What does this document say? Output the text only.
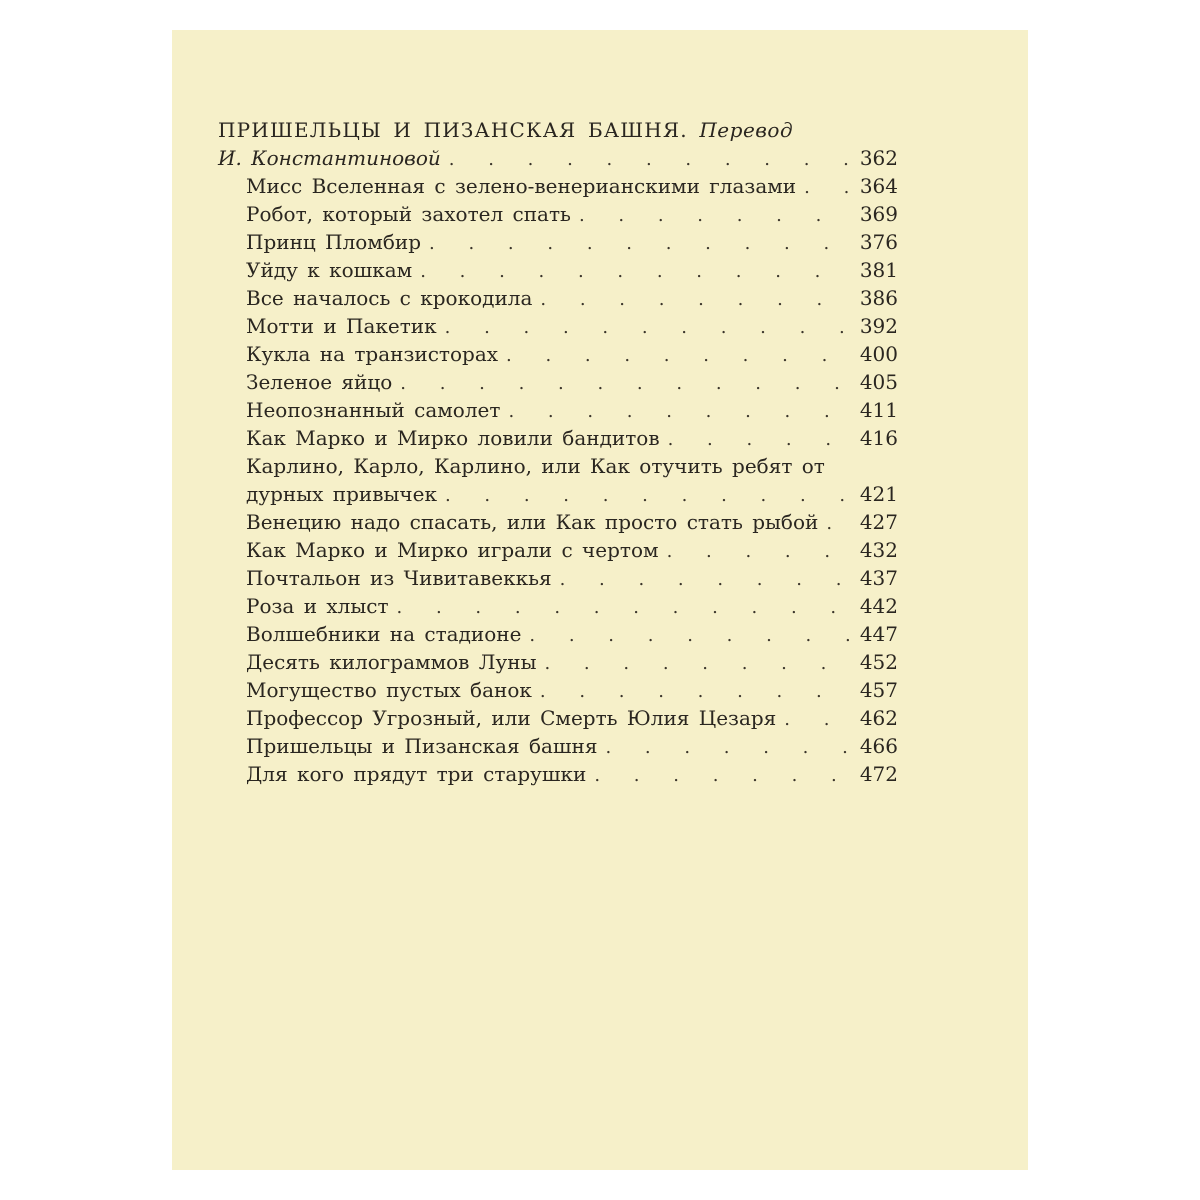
ПРИШЕЛЬЦЫ И ПИЗАНСКАЯ БАШНЯ. Перевод
И. Константиновой . . .	362
Мисс Вселенная с зелено-венерианскими глазами . . .	364
Робот, который захотел спать . . .	369
Принц Пломбир . . .	376
Уйду к кошкам . . .	381
Все началось с крокодила . . .	386
Мотти и Пакетик . . .	392
Кукла на транзисторах . . .	400
Зеленое яйцо . . .	405
Неопознанный самолет . . .	411
Как Марко и Мирко ловили бандитов . . .	416
Карлино, Карло, Карлино, или Как отучить ребят от
дурных привычек . . .	421
Венецию надо спасать, или Как просто стать рыбой . . . 427
Как Марко и Мирко играли с чертом . . .	432
Почтальон из Чивитавеккья . . .	437
Роза и хлыст . . .	442
Волшебники на стадионе . . .	447
Десять килограммов Луны . . .	452
Могущество пустых банок . . .	457
Профессор Угрозный, или Смерть Юлия Цезаря . . .	462
Пришельцы и Пизанская башня . . .	466
Для кого прядут три старушки . . .	472
